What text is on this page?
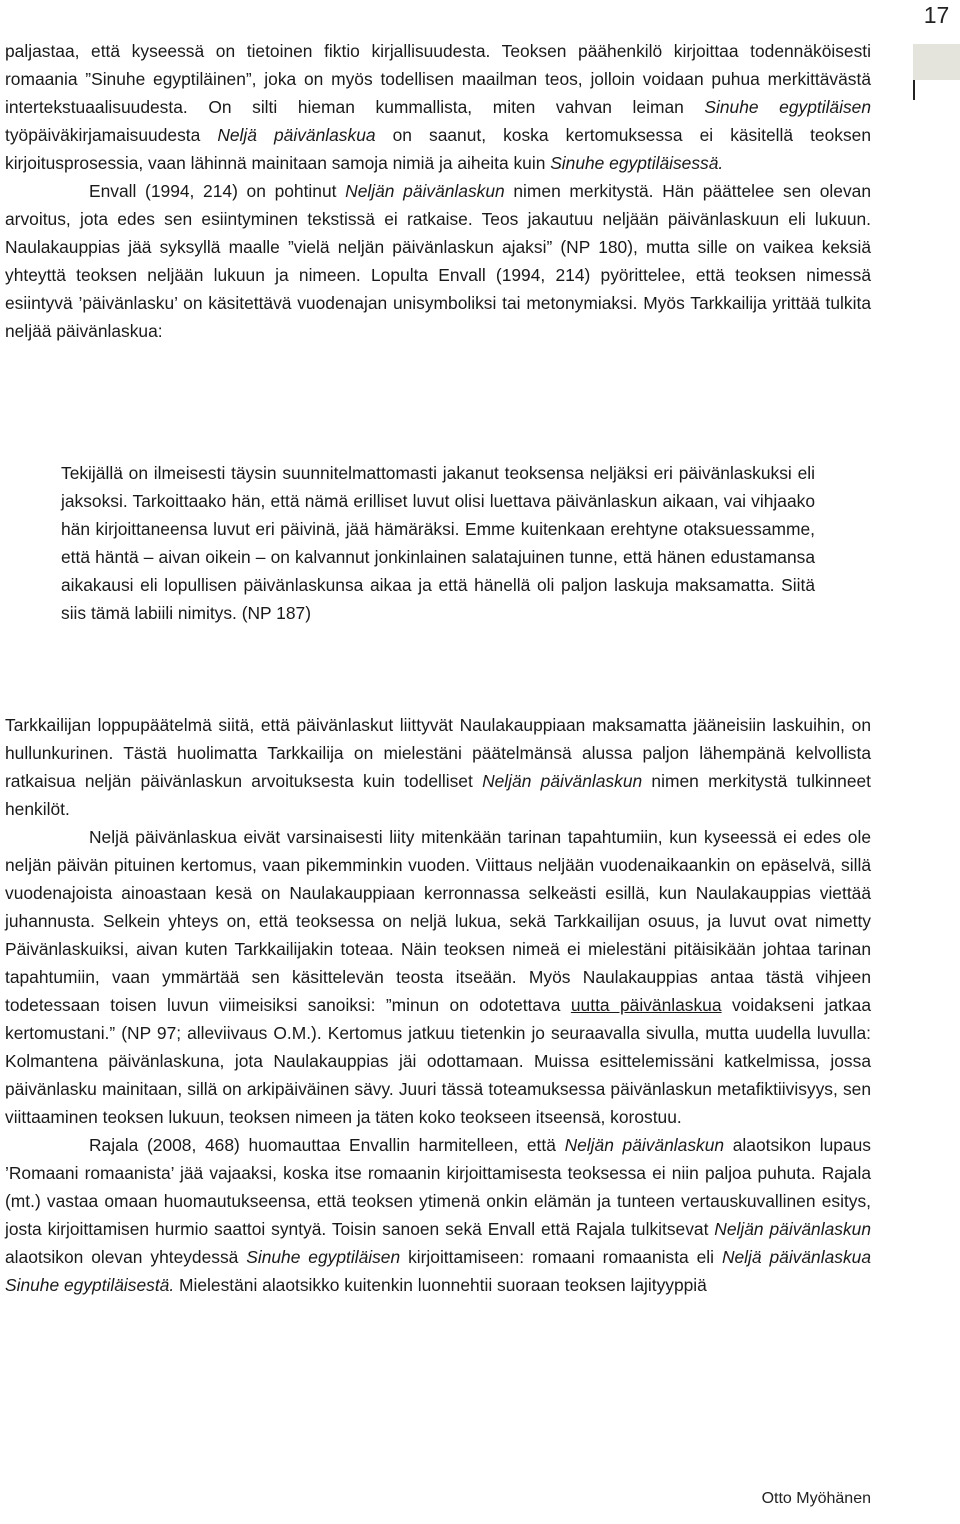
17

paljastaa, että kyseessä on tietoinen fiktio kirjallisuudesta. Teoksen päähenkilö kirjoittaa todennäköisesti romaania ”Sinuhe egyptiläinen”, joka on myös todellisen maailman teos, jolloin voidaan puhua merkittävästä intertekstuaalisuudesta. On silti hieman kummallista, miten vahvan leiman Sinuhe egyptiläisen työpäiväkirjamaisuudesta Neljä päivänlaskua on saanut, koska kertomuksessa ei käsitellä teoksen kirjoitusprosessia, vaan lähinnä mainitaan samoja nimiä ja aiheita kuin Sinuhe egyptiläisessä.

Envall (1994, 214) on pohtinut Neljän päivänlaskun nimen merkitystä. Hän päättelee sen olevan arvoitus, jota edes sen esiintyminen tekstissä ei ratkaise. Teos jakautuu neljään päivänlaskuun eli lukuun. Naulakauppias jää syksyllä maalle ”vielä neljän päivänlaskun ajaksi” (NP 180), mutta sille on vaikea keksiä yhteyttä teoksen neljään lukuun ja nimeen. Lopulta Envall (1994, 214) pyörittelee, että teoksen nimessä esiintyvä ’päivänlasku’ on käsitettävä vuodenajan unisymboliksi tai metonymiaksi. Myös Tarkkailija yrittää tulkita neljää päivänlaskua:

Tekijällä on ilmeisesti täysin suunnitelmattomasti jakanut teoksensa neljäksi eri päivänlaskuksi eli jaksoksi. Tarkoittaako hän, että nämä erilliset luvut olisi luettava päivänlaskun aikaan, vai vihjaako hän kirjoittaneensa luvut eri päivinä, jää hämäräksi. Emme kuitenkaan erehtyne otaksuessamme, että häntä – aivan oikein – on kalvannut jonkinlainen salatajuinen tunne, että hänen edustamansa aikakausi eli lopullisen päivänlaskunsa aikaa ja että hänellä oli paljon laskuja maksamatta. Siitä siis tämä labiili nimitys. (NP 187)

Tarkkailijan loppupäätelmä siitä, että päivänlaskut liittyvät Naulakauppiaan maksamatta jääneisiin laskuihin, on hullunkurinen. Tästä huolimatta Tarkkailija on mielestäni päätelmänsä alussa paljon lähempänä kelvollista ratkaisua neljän päivänlaskun arvoituksesta kuin todelliset Neljän päivänlaskun nimen merkitystä tulkinneet henkilöt.

Neljä päivänlaskua eivät varsinaisesti liity mitenkään tarinan tapahtumiin, kun kyseessä ei edes ole neljän päivän pituinen kertomus, vaan pikemminkin vuoden. Viittaus neljään vuodenaikaankin on epäselvä, sillä vuodenajoista ainoastaan kesä on Naulakauppiaan kerronnassa selkeästi esillä, kun Naulakauppias viettää juhannusta. Selkein yhteys on, että teoksessa on neljä lukua, sekä Tarkkailijan osuus, ja luvut ovat nimetty Päivänlaskuiksi, aivan kuten Tarkkailijakin toteaa. Näin teoksen nimeä ei mielestäni pitäisikään johtaa tarinan tapahtumiin, vaan ymmärtää sen käsittelevän teosta itseään. Myös Naulakauppias antaa tästä vihjeen todetessaan toisen luvun viimeisiksi sanoiksi: ”minun on odotettava uutta päivänlaskua voidakseni jatkaa kertomustani.” (NP 97; alleviivaus O.M.). Kertomus jatkuu tietenkin jo seuraavalla sivulla, mutta uudella luvulla: Kolmantena päivänlaskuna, jota Naulakauppias jäi odottamaan. Muissa esittelemissäni katkelmissa, jossa päivänlasku mainitaan, sillä on arkipäiväinen sävy. Juuri tässä toteamuksessa päivänlaskun metafiktiivisyys, sen viittaaminen teoksen lukuun, teoksen nimeen ja täten koko teokseen itseensä, korostuu.

Rajala (2008, 468) huomauttaa Envallin harmitelleen, että Neljän päivänlaskun alaotsikon lupaus ’Romaani romaanista’ jää vajaaksi, koska itse romaanin kirjoittamisesta teoksessa ei niin paljoa puhuta. Rajala (mt.) vastaa omaan huomautukseensa, että teoksen ytimenä onkin elämän ja tunteen vertauskuvallinen esitys, josta kirjoittamisen hurmio saattoi syntyä. Toisin sanoen sekä Envall että Rajala tulkitsevat Neljän päivänlaskun alaotsikon olevan yhteydessä Sinuhe egyptiläisen kirjoittamiseen: romaani romaanista eli Neljä päivänlaskua Sinuhe egyptiläisestä. Mielestäni alaotsikko kuitenkin luonnehtii suoraan teoksen lajityyppiä

Otto Myöhänen
